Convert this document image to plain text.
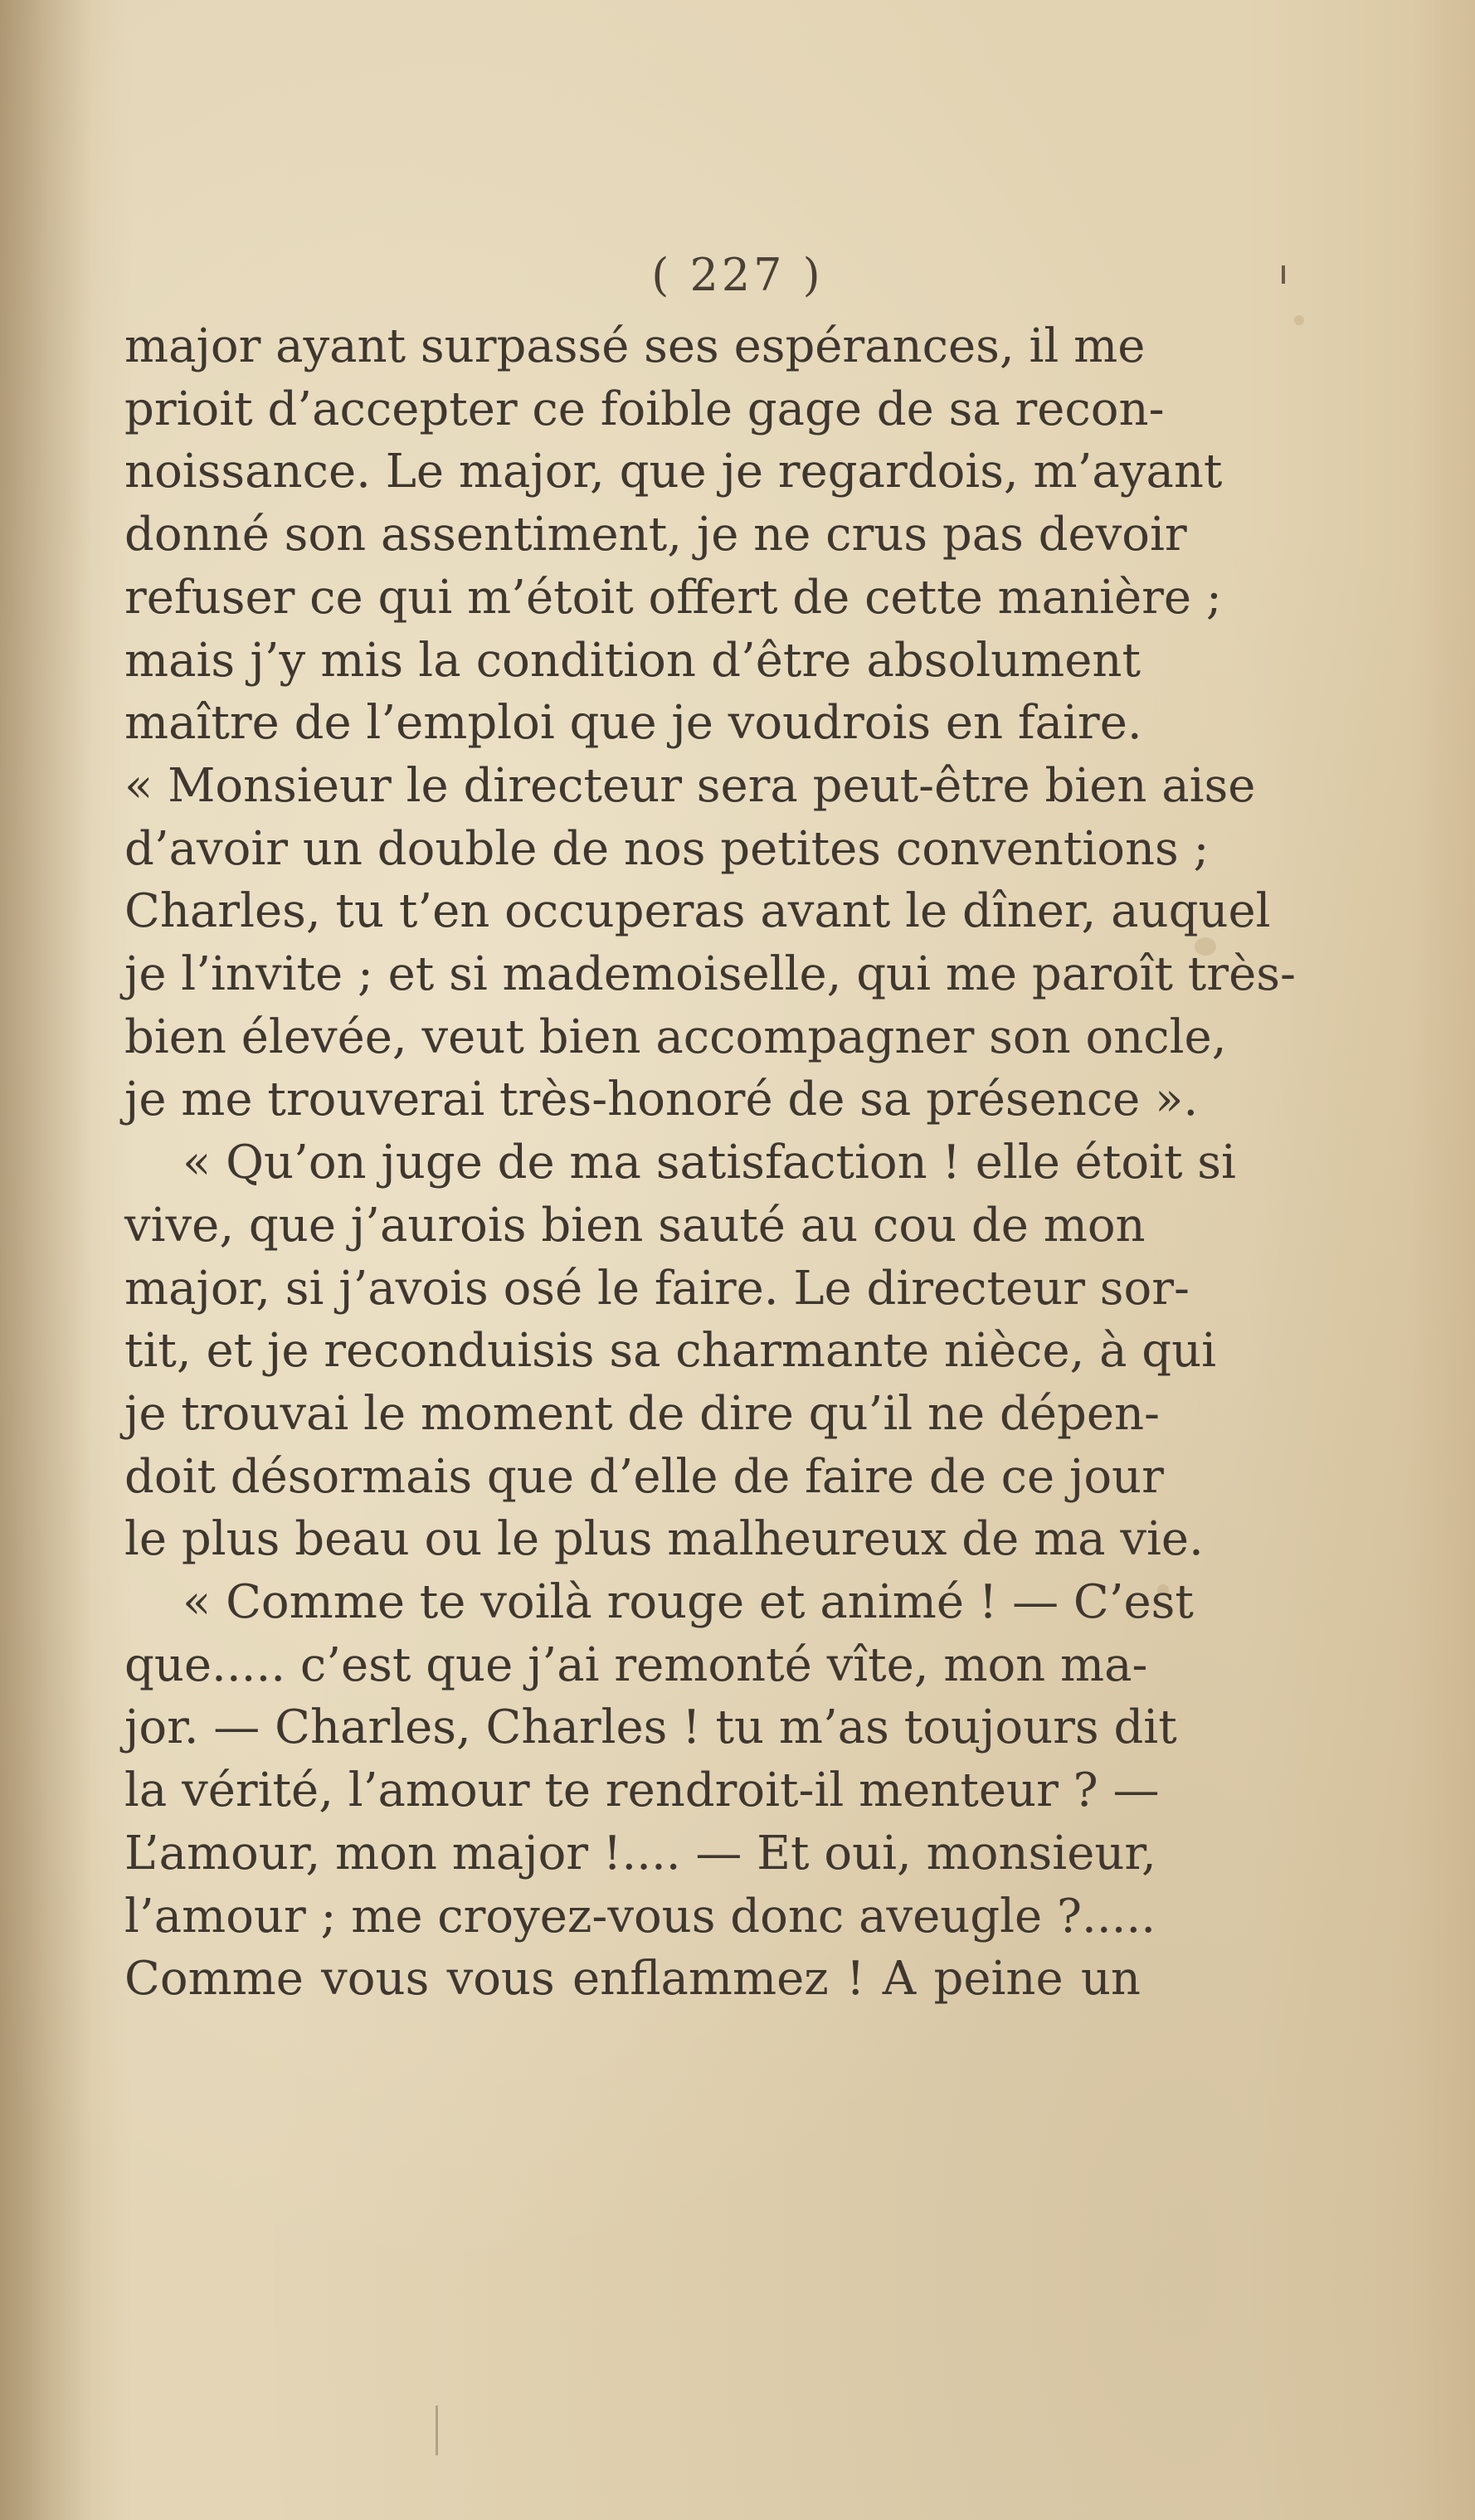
( 227 )
major ayant surpassé ses espérances, il me
prioit d’accepter ce foible gage de sa recon-
noissance. Le major, que je regardois, m’ayant
donné son assentiment, je ne crus pas devoir
refuser ce qui m’étoit offert de cette manière ;
mais j’y mis la condition d’être absolument
maître de l’emploi que je voudrois en faire.
« Monsieur le directeur sera peut-être bien aise
d’avoir un double de nos petites conventions ;
Charles, tu t’en occuperas avant le dîner, auquel
je l’invite ; et si mademoiselle, qui me paroît très-
bien élevée, veut bien accompagner son oncle,
je me trouverai très-honoré de sa présence ».
« Qu’on juge de ma satisfaction ! elle étoit si
vive, que j’aurois bien sauté au cou de mon
major, si j’avois osé le faire. Le directeur sor-
tit, et je reconduisis sa charmante nièce, à qui
je trouvai le moment de dire qu’il ne dépen-
doit désormais que d’elle de faire de ce jour
le plus beau ou le plus malheureux de ma vie.
« Comme te voilà rouge et animé ! — C’est
que..... c’est que j’ai remonté vîte, mon ma-
jor. — Charles, Charles ! tu m’as toujours dit
la vérité, l’amour te rendroit-il menteur ? —
L’amour, mon major !.... — Et oui, monsieur,
l’amour ; me croyez-vous donc aveugle ?.....
Comme vous vous enflammez ! A peine un
